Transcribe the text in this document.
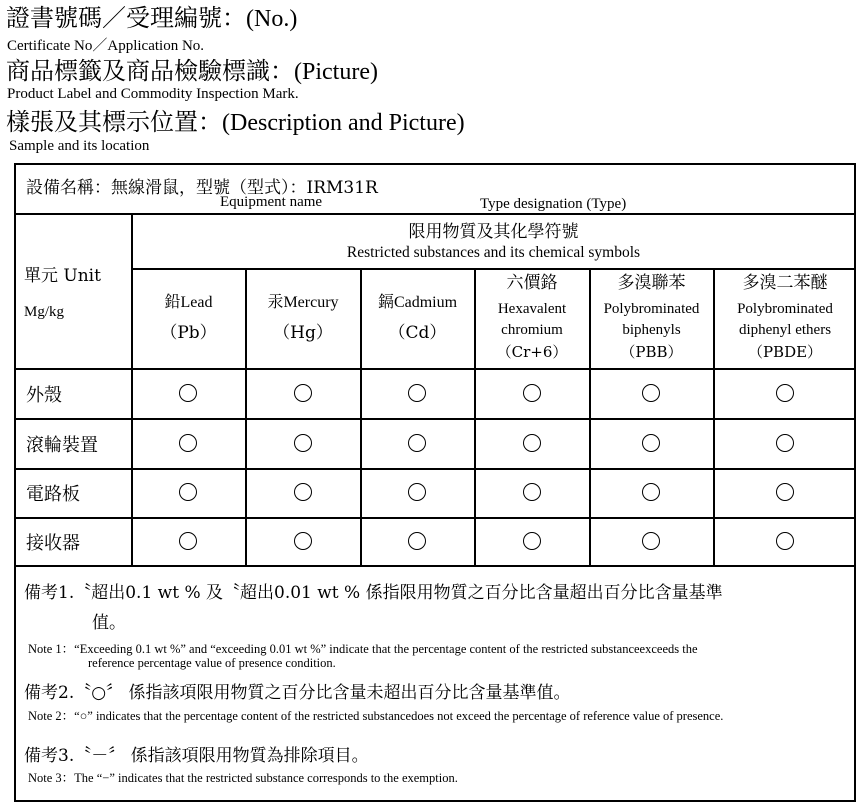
證書號碼／受理編號：(No.)
Certificate No／Application No.
商品標籤及商品檢驗標識：(Picture)
Product Label and Commodity Inspection Mark.
樣張及其標示位置：(Description and Picture)
Sample and its location
設備名稱：無線滑鼠，型號（型式）：IRM31R
Equipment name	Type designation (Type)
單元 Unit
Mg/kg
限用物質及其化學符號
Restricted substances and its chemical symbols
鉛Lead
（Pb）
汞Mercury
（Hg）
鎘Cadmium
（Cd）
六價鉻
Hexavalent
chromium
（Cr+6）
多溴聯苯
Polybrominated
biphenyls
（PBB）
多溴二苯醚
Polybrominated
diphenyl ethers
（PBDE）
外殼
滾輪裝置
電路板
接收器
備考1.〝超出0.1 wt % 及〝超出0.01 wt % 係指限用物質之百分比含量超出百分比含量基準
值。
Note 1：“Exceeding 0.1 wt %” and “exceeding 0.01 wt %” indicate that the percentage content of the restricted substanceexceeds the
reference percentage value of presence condition.
備考2.〝○〞 係指該項限用物質之百分比含量未超出百分比含量基準值。
Note 2：“○” indicates that the percentage content of the restricted substancedoes not exceed the percentage of reference value of presence.
備考3.〝－〞 係指該項限用物質為排除項目。
Note 3：The “−” indicates that the restricted substance corresponds to the exemption.
